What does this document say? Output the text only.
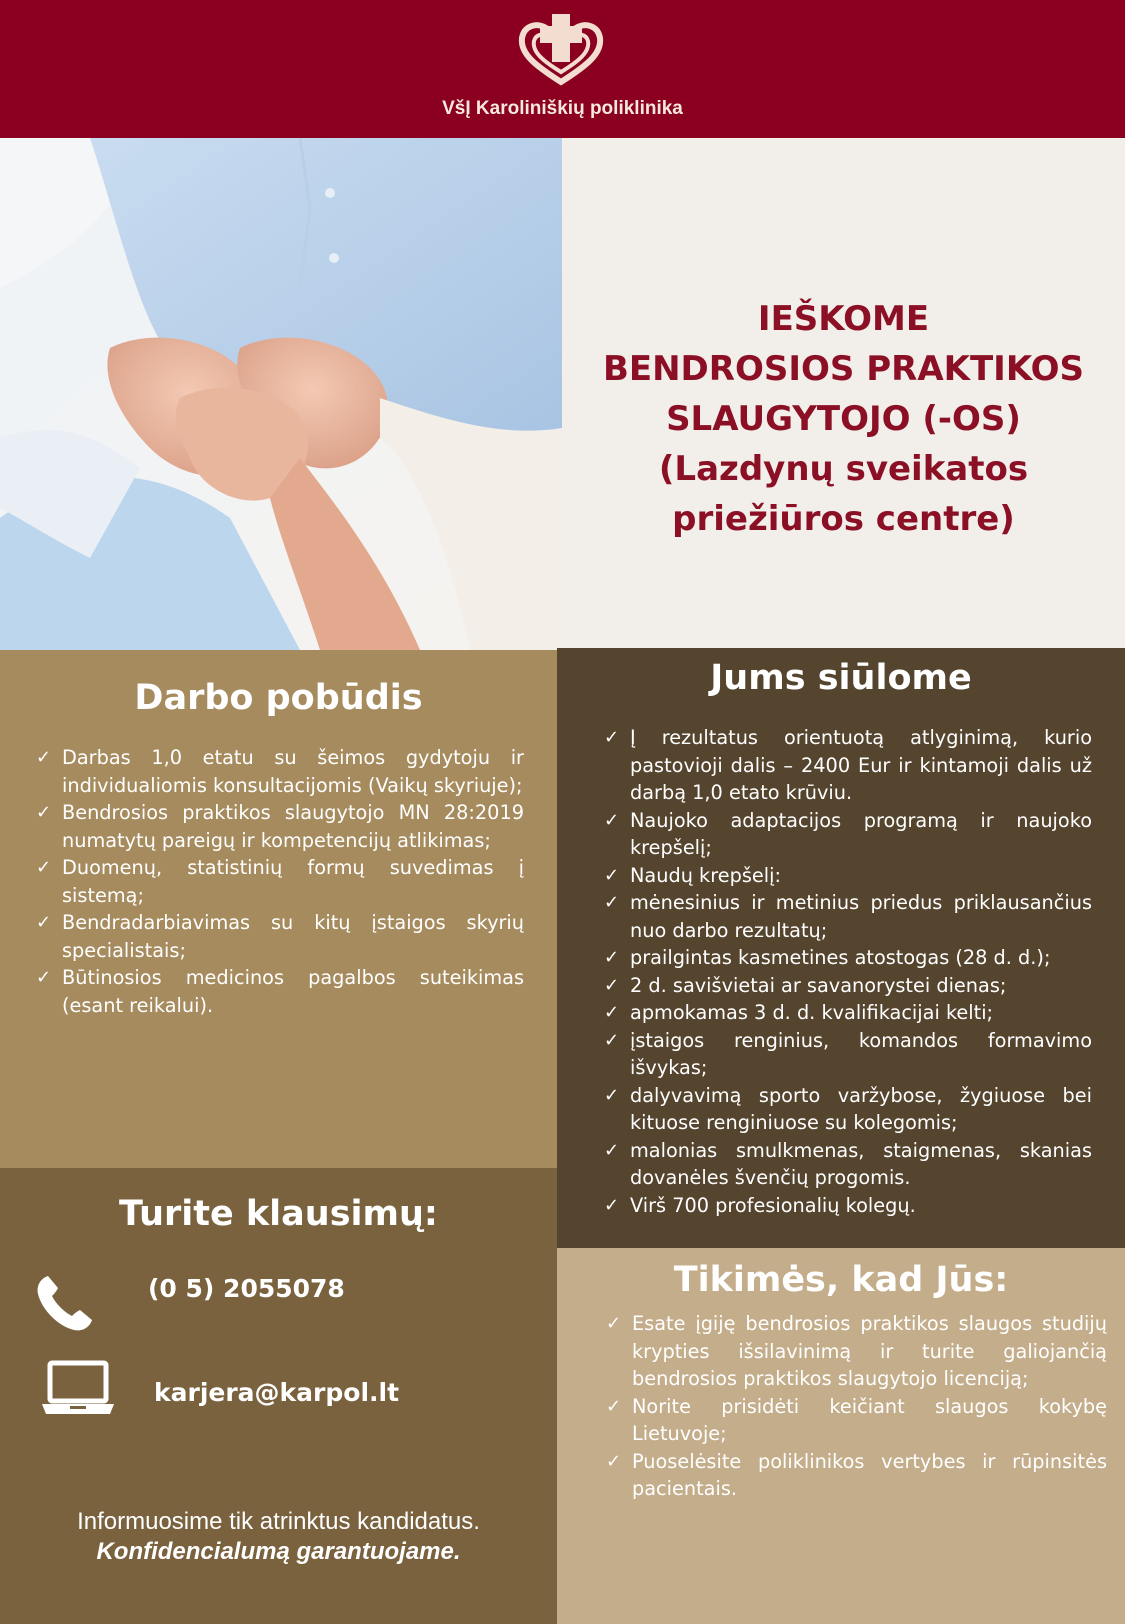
VšĮ Karoliniškių poliklinika
IEŠKOME
BENDROSIOS PRAKTIKOS
SLAUGYTOJO (-OS)
(Lazdynų sveikatos
priežiūros centre)
Darbo pobūdis
✓ Darbas 1,0 etatu su šeimos gydytoju ir individualiomis konsultacijomis (Vaikų skyriuje);
✓ Bendrosios praktikos slaugytojo MN 28:2019 numatytų pareigų ir kompetencijų atlikimas;
✓ Duomenų, statistinių formų suvedimas į sistemą;
✓ Bendradarbiavimas su kitų įstaigos skyrių specialistais;
✓ Būtinosios medicinos pagalbos suteikimas (esant reikalui).
Jums siūlome
✓ Į rezultatus orientuotą atlyginimą, kurio pastovioji dalis – 2400 Eur ir kintamoji dalis už darbą 1,0 etato krūviu.
✓ Naujoko adaptacijos programą ir naujoko krepšelį;
✓ Naudų krepšelį:
✓ mėnesinius ir metinius priedus priklausančius nuo darbo rezultatų;
✓ prailgintas kasmetines atostogas (28 d. d.);
✓ 2 d. savišvietai ar savanorystei dienas;
✓ apmokamas 3 d. d. kvalifikacijai kelti;
✓ įstaigos renginius, komandos formavimo išvykas;
✓ dalyvavimą sporto varžybose, žygiuose bei kituose renginiuose su kolegomis;
✓ malonias smulkmenas, staigmenas, skanias dovanėles švenčių progomis.
✓ Virš 700 profesionalių kolegų.
Turite klausimų:
(0 5) 2055078
karjera@karpol.lt
Informuosime tik atrinktus kandidatus.
Konfidencialumą garantuojame.
Tikimės, kad Jūs:
✓ Esate įgiję bendrosios praktikos slaugos studijų krypties išsilavinimą ir turite galiojančią bendrosios praktikos slaugytojo licenciją;
✓ Norite prisidėti keičiant slaugos kokybę Lietuvoje;
✓ Puoselėsite poliklinikos vertybes ir rūpinsitės pacientais.
